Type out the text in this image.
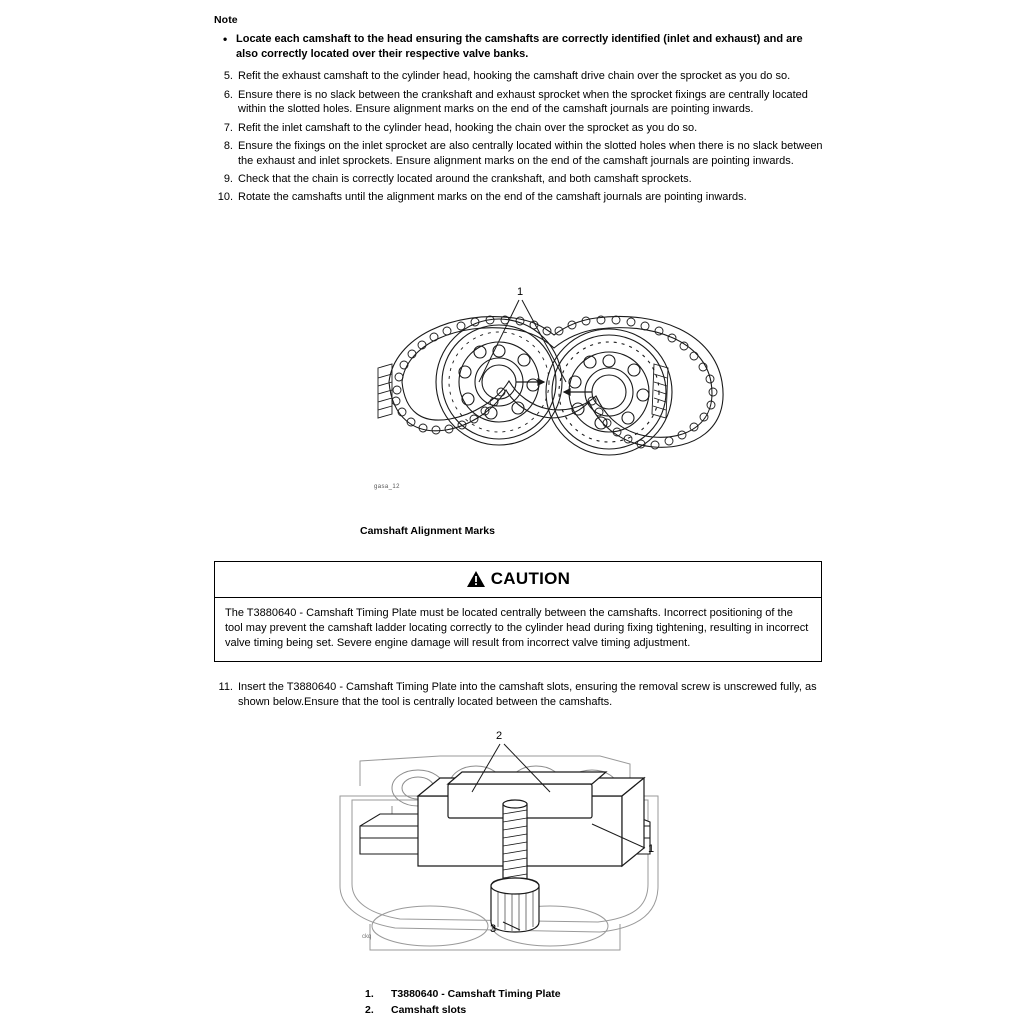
Note
• Locate each camshaft to the head ensuring the camshafts are correctly identified (inlet and exhaust) and are also correctly located over their respective valve banks.
5. Refit the exhaust camshaft to the cylinder head, hooking the camshaft drive chain over the sprocket as you do so.
6. Ensure there is no slack between the crankshaft and exhaust sprocket when the sprocket fixings are centrally located within the slotted holes. Ensure alignment marks on the end of the camshaft journals are pointing inwards.
7. Refit the inlet camshaft to the cylinder head, hooking the chain over the sprocket as you do so.
8. Ensure the fixings on the inlet sprocket are also centrally located within the slotted holes when there is no slack between the exhaust and inlet sprockets. Ensure alignment marks on the end of the camshaft journals are pointing inwards.
9. Check that the chain is correctly located around the crankshaft, and both camshaft sprockets.
10. Rotate the camshafts until the alignment marks on the end of the camshaft journals are pointing inwards.
1
gasa_12
Camshaft Alignment Marks
CAUTION
The T3880640 - Camshaft Timing Plate must be located centrally between the camshafts. Incorrect positioning of the tool may prevent the camshaft ladder locating correctly to the cylinder head during fixing tightening, resulting in incorrect valve timing being set. Severe engine damage will result from incorrect valve timing adjustment.
11. Insert the T3880640 - Camshaft Timing Plate into the camshaft slots, ensuring the removal screw is unscrewed fully, as shown below.Ensure that the tool is centrally located between the camshafts.
2
1
3
ckq
1.	T3880640 - Camshaft Timing Plate
2.	Camshaft slots
